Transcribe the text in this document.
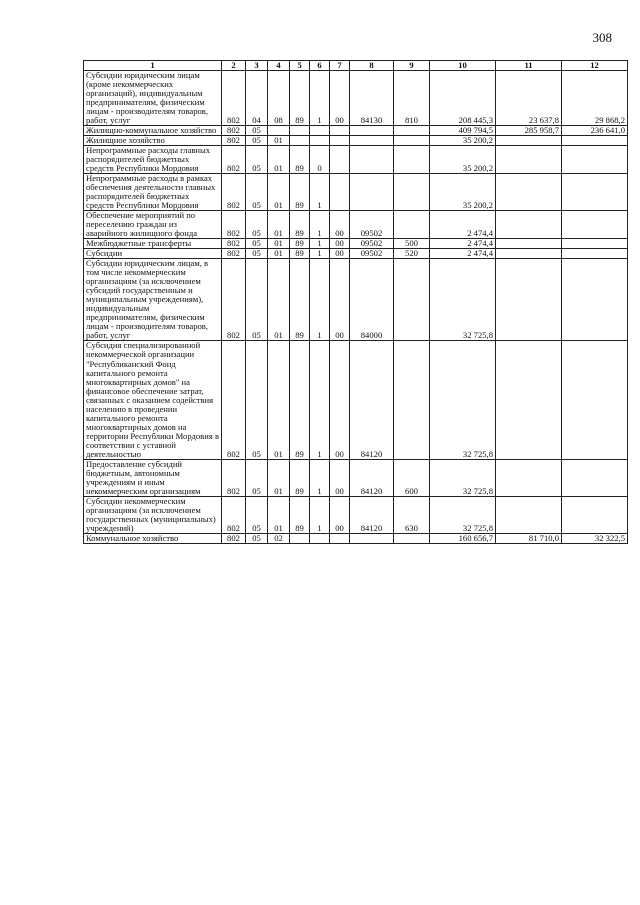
308
1	2	3	4	5	6	7	8	9	10	11	12
Субсидии юридическим лицам (кроме некоммерческих организаций), индивидуальным предпринимателям, физическим лицам - производителям товаров, работ, услуг	802	04	08	89	1	00	84130	810	208 445,3	23 637,8	29 868,2
Жилищно-коммунальное хозяйство	802	05							409 794,5	285 958,7	236 641,0
Жилищное хозяйство	802	05	01						35 200,2		
Непрограммные расходы главных распорядителей бюджетных средств Республики Мордовия	802	05	01	89	0				35 200,2		
Непрограммные расходы в рамках обеспечения деятельности главных распорядителей бюджетных средств Республики Мордовия	802	05	01	89	1				35 200,2		
Обеспечение мероприятий по переселению граждан из аварийного жилищного фонда	802	05	01	89	1	00	09502		2 474,4		
Межбюджетные трансферты	802	05	01	89	1	00	09502	500	2 474,4		
Субсидии	802	05	01	89	1	00	09502	520	2 474,4		
Субсидии юридическим лицам, в том числе некоммерческим организациям (за исключением субсидий государственным и муниципальным учреждениям), индивидуальным предпринимателям, физическим лицам - производителям товаров, работ, услуг	802	05	01	89	1	00	84000		32 725,8		
Субсидия специализированной некоммерческой организации "Республиканский Фонд капитального ремонта многоквартирных домов" на финансовое обеспечение затрат, связанных с оказанием содействия населению в проведении капитального ремонта многоквартирных домов на территории Республики Мордовия в соответствии с уставной деятельностью	802	05	01	89	1	00	84120		32 725,8		
Предоставление субсидий бюджетным, автономным учреждениям и иным некоммерческим организациям	802	05	01	89	1	00	84120	600	32 725,8		
Субсидии некоммерческим организациям (за исключением государственных (муниципальных) учреждений)	802	05	01	89	1	00	84120	630	32 725,8		
Коммунальное хозяйство	802	05	02						160 656,7	81 710,0	32 322,5
